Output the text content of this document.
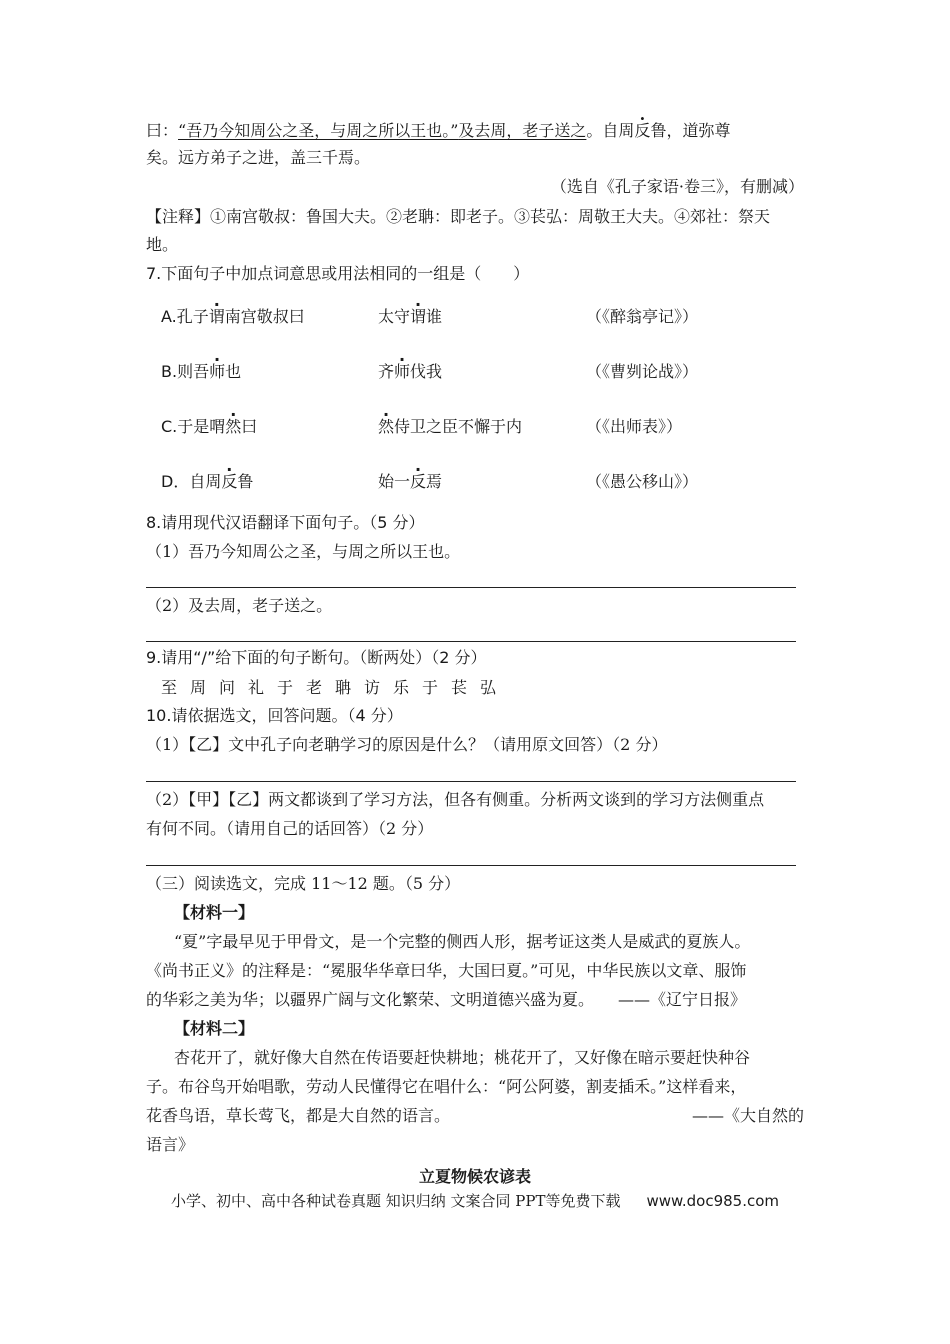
曰：“吾乃今知周公之圣，与周之所以王也。”及去周，老子送之。自周反鲁，道弥尊
矣。远方弟子之进，盖三千焉。
（选自《孔子家语·卷三》，有删减）
【注释】①南宫敬叔：鲁国大夫。②老聃：即老子。③苌弘：周敬王大夫。④郊社：祭天
地。
7.下面句子中加点词意思或用法相同的一组是（　　）
A.孔子谓南宫敬叔曰	太守谓谁	（《醉翁亭记》）
B.则吾师也	齐师伐我	（《曹刿论战》）
C.于是喟然曰	然侍卫之臣不懈于内	（《出师表》）
D．自周反鲁	始一反焉	（《愚公移山》）
8.请用现代汉语翻译下面句子。（5 分）
（1）吾乃今知周公之圣，与周之所以王也。
（2）及去周，老子送之。
9.请用“/”给下面的句子断句。（断两处）（2 分）
至周问礼于老聃访乐于苌弘
10.请依据选文，回答问题。（4 分）
（1）【乙】文中孔子向老聃学习的原因是什么？（请用原文回答）（2 分）
（2）【甲】【乙】两文都谈到了学习方法，但各有侧重。分析两文谈到的学习方法侧重点
有何不同。（请用自己的话回答）（2 分）
（三）阅读选文，完成 11～12 题。（5 分）
【材料一】
“夏”字最早见于甲骨文，是一个完整的侧西人形，据考证这类人是威武的夏族人。
《尚书正义》的注释是：“冕服华华章曰华，大国曰夏。”可见，中华民族以文章、服饰
的华彩之美为华；以疆界广阔与文化繁荣、文明道德兴盛为夏。　　——《辽宁日报》
【材料二】
杏花开了，就好像大自然在传语要赶快耕地；桃花开了，又好像在暗示要赶快种谷
子。布谷鸟开始唱歌，劳动人民懂得它在唱什么：“阿公阿婆，割麦插禾。”这样看来，
花香鸟语，草长莺飞，都是大自然的语言。	——《大自然的
语言》
立夏物候农谚表
小学、初中、高中各种试卷真题 知识归纳 文案合同 PPT等免费下载 www.doc985.com
